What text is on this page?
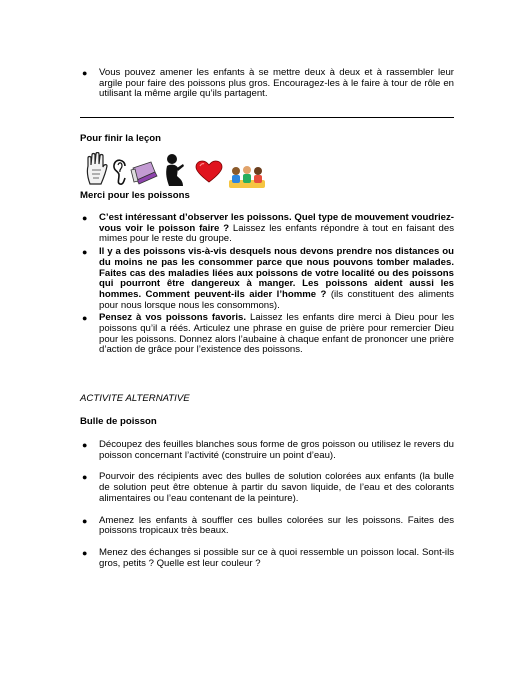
● Vous pouvez amener les enfants à se mettre deux à deux et à rassembler leur argile pour faire des poissons plus gros. Encouragez-les à le faire à tour de rôle en utilisant la même argile qu’ils partagent.
Pour finir la leçon
Merci pour les poissons
● C’est intéressant d’observer les poissons. Quel type de mouvement voudriez-vous voir le poisson faire ? Laissez les enfants répondre à tout en faisant des mimes pour le reste du groupe.
● Il y a des poissons vis-à-vis desquels nous devons prendre nos distances ou du moins ne pas les consommer parce que nous pouvons tomber malades. Faites cas des maladies liées aux poissons de votre localité ou des poissons qui pourront être dangereux à manger. Les poissons aident aussi les hommes. Comment peuvent-ils aider l’homme ? (ils constituent des aliments pour nous lorsque nous les consommons).
● Pensez à vos poissons favoris. Laissez les enfants dire merci à Dieu pour les poissons qu’il a réés. Articulez une phrase en guise de prière pour remercier Dieu pour les poissons. Donnez alors l’aubaine à chaque enfant de prononcer une prière d’action de grâce pour l’existence des poissons.
ACTIVITE ALTERNATIVE
Bulle de poisson
● Découpez des feuilles blanches sous forme de gros poisson ou utilisez le revers du poisson concernant l’activité (construire un point d’eau).
● Pourvoir des récipients avec des bulles de solution colorées aux enfants (la bulle de solution peut être obtenue à partir du savon liquide, de l’eau et des colorants alimentaires ou l’eau contenant de la peinture).
● Amenez les enfants à souffler ces bulles colorées sur les poissons. Faites des poissons tropicaux très beaux.
● Menez des échanges si possible sur ce à quoi ressemble un poisson local. Sont-ils gros, petits ? Quelle est leur couleur ?
